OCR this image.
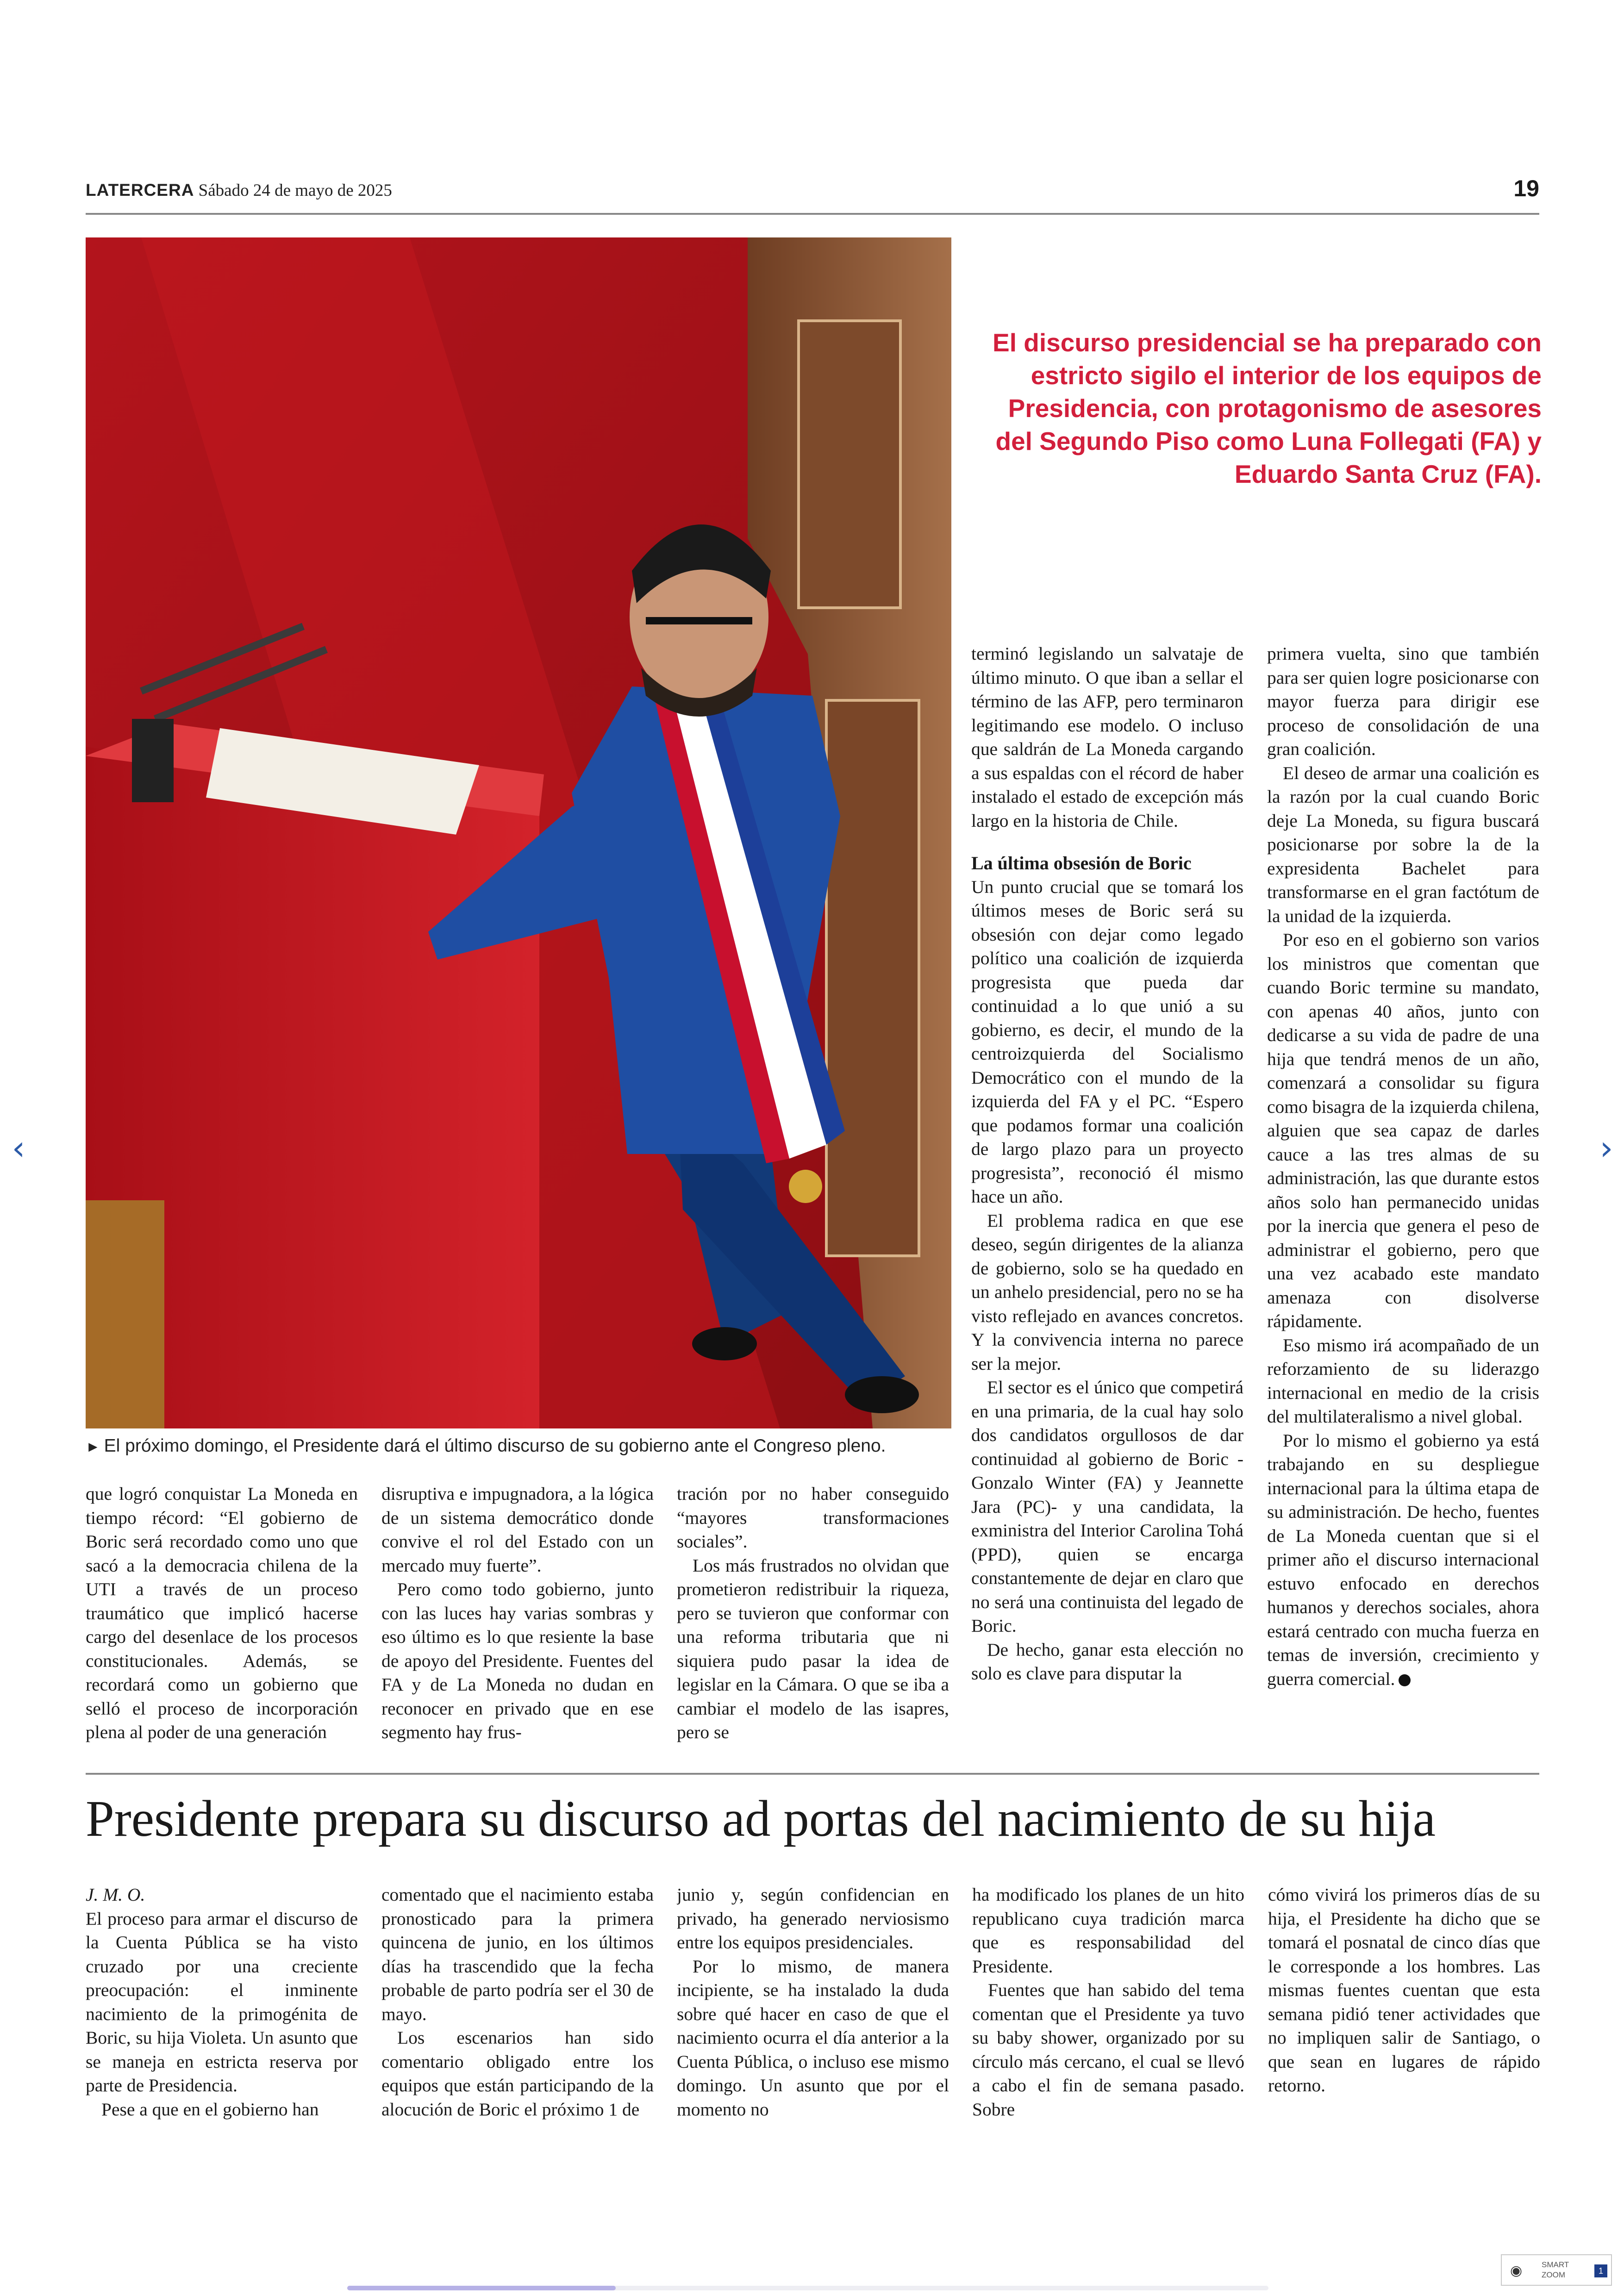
LATERCERA Sábado 24 de mayo de 2025	19
► El próximo domingo, el Presidente dará el último discurso de su gobierno ante el Congreso pleno.
El discurso presidencial se ha preparado con estricto sigilo el interior de los equipos de Presidencia, con protagonismo de asesores del Segundo Piso como Luna Follegati (FA) y Eduardo Santa Cruz (FA).

terminó legislando un salvataje de último minuto. O que iban a sellar el término de las AFP, pero terminaron legitimando ese modelo. O incluso que saldrán de La Moneda cargando a sus espaldas con el récord de haber instalado el estado de excepción más largo en la historia de Chile.

La última obsesión de Boric

Un punto crucial que se tomará los últimos meses de Boric será su obsesión con dejar como legado político una coalición de izquierda progresista que pueda dar continuidad a lo que unió a su gobierno, es decir, el mundo de la centroizquierda del Socialismo Democrático con el mundo de la izquierda del FA y el PC. “Espero que podamos formar una coalición de largo plazo para un proyecto progresista”, reconoció él mismo hace un año.

El problema radica en que ese deseo, según dirigentes de la alianza de gobierno, solo se ha quedado en un anhelo presidencial, pero no se ha visto reflejado en avances concretos. Y la convivencia interna no parece ser la mejor.

El sector es el único que competirá en una primaria, de la cual hay solo dos candidatos orgullosos de dar continuidad al gobierno de Boric -Gonzalo Winter (FA) y Jeannette Jara (PC)- y una candidata, la exministra del Interior Carolina Tohá (PPD), quien se encarga constantemente de dejar en claro que no será una continuista del legado de Boric.

De hecho, ganar esta elección no solo es clave para disputar la

primera vuelta, sino que también para ser quien logre posicionarse con mayor fuerza para dirigir ese proceso de consolidación de una gran coalición.

El deseo de armar una coalición es la razón por la cual cuando Boric deje La Moneda, su figura buscará posicionarse por sobre la de la expresidenta Bachelet para transformarse en el gran factótum de la unidad de la izquierda.

Por eso en el gobierno son varios los ministros que comentan que cuando Boric termine su mandato, con apenas 40 años, junto con dedicarse a su vida de padre de una hija que tendrá menos de un año, comenzará a consolidar su figura como bisagra de la izquierda chilena, alguien que sea capaz de darles cauce a las tres almas de su administración, las que durante estos años solo han permanecido unidas por la inercia que genera el peso de administrar el gobierno, pero que una vez acabado este mandato amenaza con disolverse rápidamente.

Eso mismo irá acompañado de un reforzamiento de su liderazgo internacional en medio de la crisis del multilateralismo a nivel global.

Por lo mismo el gobierno ya está trabajando en su despliegue internacional para la última etapa de su administración. De hecho, fuentes de La Moneda cuentan que si el primer año el discurso internacional estuvo enfocado en derechos humanos y derechos sociales, ahora estará centrado con mucha fuerza en temas de inversión, crecimiento y guerra comercial.

que logró conquistar La Moneda en tiempo récord: “El gobierno de Boric será recordado como uno que sacó a la democracia chilena de la UTI a través de un proceso traumático que implicó hacerse cargo del desenlace de los procesos constitucionales. Además, se recordará como un gobierno que selló el proceso de incorporación plena al poder de una generación

disruptiva e impugnadora, a la lógica de un sistema democrático donde convive el rol del Estado con un mercado muy fuerte”.

Pero como todo gobierno, junto con las luces hay varias sombras y eso último es lo que resiente la base de apoyo del Presidente. Fuentes del FA y de La Moneda no dudan en reconocer en privado que en ese segmento hay frus-

tración por no haber conseguido “mayores transformaciones sociales”.

Los más frustrados no olvidan que prometieron redistribuir la riqueza, pero se tuvieron que conformar con una reforma tributaria que ni siquiera pudo pasar la idea de legislar en la Cámara. O que se iba a cambiar el modelo de las isapres, pero se

Presidente prepara su discurso ad portas del nacimiento de su hija

J. M. O.

El proceso para armar el discurso de la Cuenta Pública se ha visto cruzado por una creciente preocupación: el inminente nacimiento de la primogénita de Boric, su hija Violeta. Un asunto que se maneja en estricta reserva por parte de Presidencia.

Pese a que en el gobierno han

comentado que el nacimiento estaba pronosticado para la primera quincena de junio, en los últimos días ha trascendido que la fecha probable de parto podría ser el 30 de mayo.

Los escenarios han sido comentario obligado entre los equipos que están participando de la alocución de Boric el próximo 1 de

junio y, según confidencian en privado, ha generado nerviosismo entre los equipos presidenciales.

Por lo mismo, de manera incipiente, se ha instalado la duda sobre qué hacer en caso de que el nacimiento ocurra el día anterior a la Cuenta Pública, o incluso ese mismo domingo. Un asunto que por el momento no

ha modificado los planes de un hito republicano cuya tradición marca que es responsabilidad del Presidente.

Fuentes que han sabido del tema comentan que el Presidente ya tuvo su baby shower, organizado por su círculo más cercano, el cual se llevó a cabo el fin de semana pasado. Sobre

cómo vivirá los primeros días de su hija, el Presidente ha dicho que se tomará el posnatal de cinco días que le corresponde a los hombres. Las mismas fuentes cuentan que esta semana pidió tener actividades que no impliquen salir de Santiago, o que sean en lugares de rápido retorno.

‹	›
◉ SMART
ZOOM	1
